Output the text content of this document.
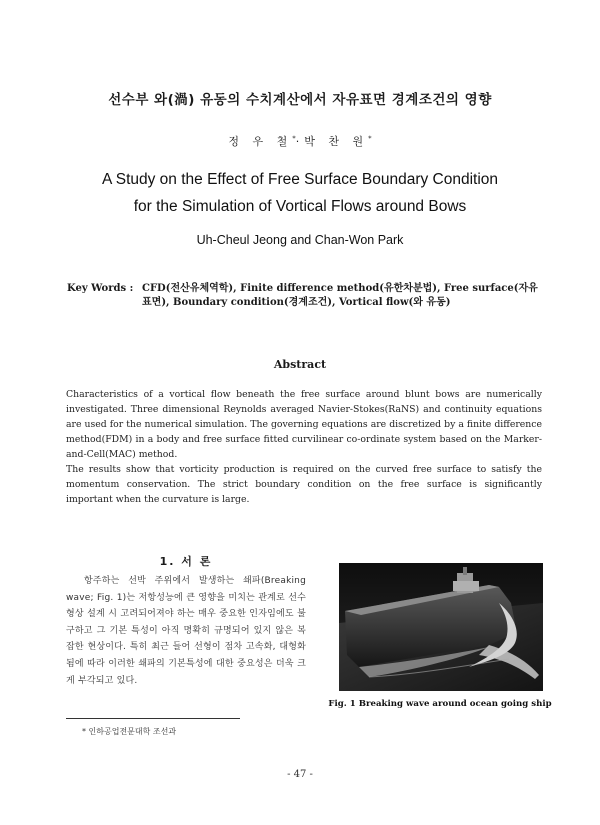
선수부 와(渦) 유동의 수치계산에서 자유표면 경계조건의 영향
정 우 철*·박 찬 원*
A Study on the Effect of Free Surface Boundary Condition
for the Simulation of Vortical Flows around Bows
Uh-Cheul Jeong and Chan-Won Park
Key Words : CFD(전산유체역학), Finite difference method(유한차분법), Free surface(자유표면), Boundary condition(경계조건), Vortical flow(와 유동)
Abstract

Characteristics of a vortical flow beneath the free surface around blunt bows are numerically investigated. Three dimensional Reynolds averaged Navier-Stokes(RaNS) and continuity equations are used for the numerical simulation. The governing equations are discretized by a finite difference method(FDM) in a body and free surface fitted curvilinear co-ordinate system based on the Marker-and-Cell(MAC) method.

The results show that vorticity production is required on the curved free surface to satisfy the momentum conservation. The strict boundary condition on the free surface is significantly important when the curvature is large.

1. 서 론

항주하는 선박 주위에서 발생하는 쇄파(Breaking wave; Fig. 1)는 저항성능에 큰 영향을 미치는 관계로 선수형상 설계 시 고려되어져야 하는 매우 중요한 인자임에도 불구하고 그 기본 특성이 아직 명확히 규명되어 있지 않은 복잡한 현상이다. 특히 최근 들어 선형이 점차 고속화, 대형화됨에 따라 이러한 쇄파의 기본특성에 대한 중요성은 더욱 크게 부각되고 있다.

Fig. 1 Breaking wave around ocean going ship
* 인하공업전문대학 조선과
- 47 -
